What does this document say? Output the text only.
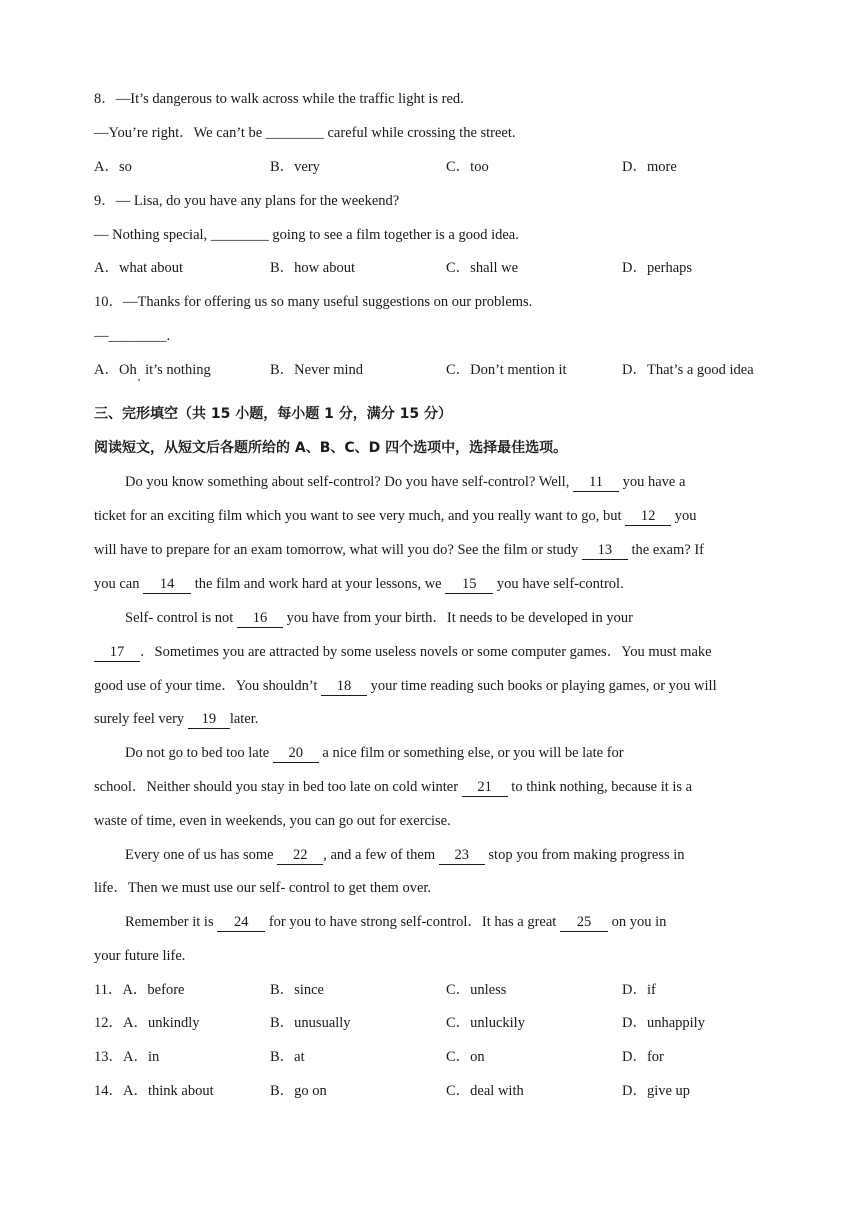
8．—It’s dangerous to walk across while the traffic light is red.
—You’re right．We can’t be ________ careful while crossing the street.
A．so	B．very	C．too	D．more
9．— Lisa, do you have any plans for the weekend?
— Nothing special, ________ going to see a film together is a good idea.
A．what about	B．how about	C．shall we	D．perhaps
10．—Thanks for offering us so many useful suggestions on our problems.
—________.
A．$Oh_,$ it’s nothing	B．Never mind	C．Don’t mention it	D．That’s a good idea
三、完形填空（共 15 小题，每小题 1 分，满分 15 分）
阅读短文，从短文后各题所给的 A、B、C、D 四个选项中，选择最佳选项。
Do you know something about self-control? Do you have self-control? Well, 11 you have a
ticket for an exciting film which you want to see very much, and you really want to go, but 12 you
will have to prepare for an exam tomorrow, what will you do? See the film or study 13 the exam? If
you can 14 the film and work hard at your lessons, we 15 you have self-control.
Self- control is not 16 you have from your birth．It needs to be developed in your
17 ．Sometimes you are attracted by some useless novels or some computer games．You must make
good use of your time．You shouldn’t 18 your time reading such books or playing games, or you will
surely feel very 19 later.
Do not go to bed too late 20 a nice film or something else, or you will be late for
school．Neither should you stay in bed too late on cold winter 21 to think nothing, because it is a
waste of time, even in weekends, you can go out for exercise.
Every one of us has some 22 , and a few of them 23 stop you from making progress in
life．Then we must use our self- control to get them over.
Remember it is 24 for you to have strong self-control．It has a great 25 on you in
your future life.
11．A．before	B．since	C．unless	D．if
12．A．unkindly	B．unusually	C．unluckily	D．unhappily
13．A．in	B．at	C．on	D．for
14．A．think about	B．go on	C．deal with	D．give up
